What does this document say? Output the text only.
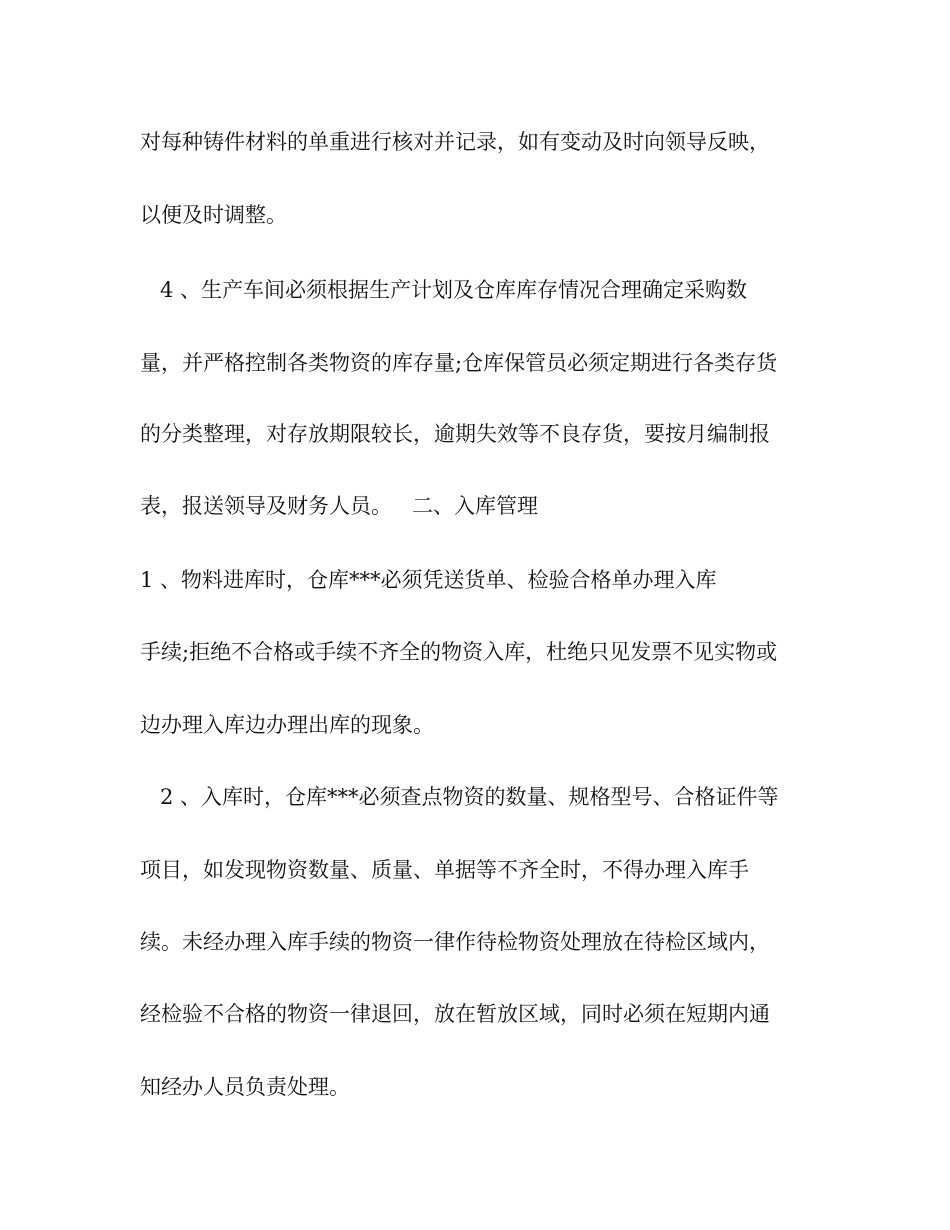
对每种铸件材料的单重进行核对并记录，如有变动及时向领导反映，
以便及时调整。
4 、生产车间必须根据生产计划及仓库库存情况合理确定采购数
量，并严格控制各类物资的库存量;仓库保管员必须定期进行各类存货
的分类整理，对存放期限较长，逾期失效等不良存货，要按月编制报
表，报送领导及财务人员。   二、入库管理
1 、物料进库时，仓库***必须凭送货单、检验合格单办理入库
手续;拒绝不合格或手续不齐全的物资入库，杜绝只见发票不见实物或
边办理入库边办理出库的现象。
2 、入库时，仓库***必须查点物资的数量、规格型号、合格证件等
项目，如发现物资数量、质量、单据等不齐全时，不得办理入库手
续。未经办理入库手续的物资一律作待检物资处理放在待检区域内，
经检验不合格的物资一律退回，放在暂放区域，同时必须在短期内通
知经办人员负责处理。
